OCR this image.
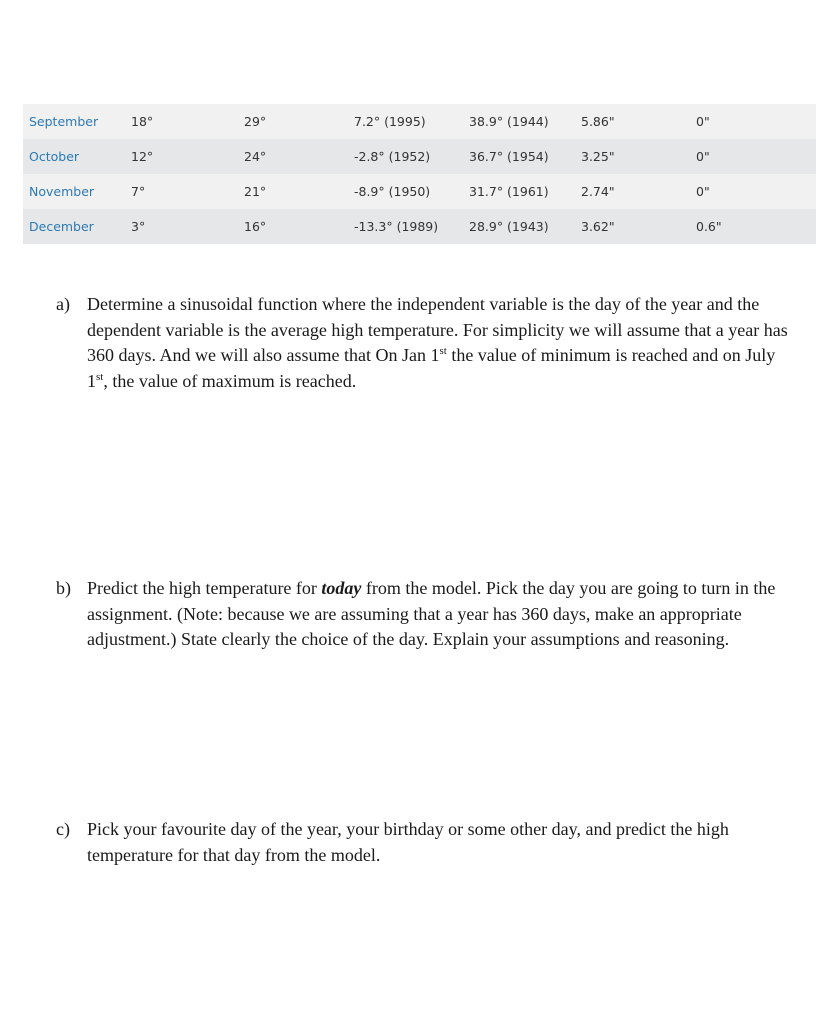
September	18°	29°	7.2° (1995)	38.9° (1944)	5.86"	0"
October	12°	24°	-2.8° (1952)	36.7° (1954)	3.25"	0"
November	7°	21°	-8.9° (1950)	31.7° (1961)	2.74"	0"
December	3°	16°	-13.3° (1989)	28.9° (1943)	3.62"	0.6"
a) Determine a sinusoidal function where the independent variable is the day of the year and the dependent variable is the average high temperature. For simplicity we will assume that a year has 360 days. And we will also assume that On Jan 1st the value of minimum is reached and on July 1st, the value of maximum is reached.
b) Predict the high temperature for today from the model. Pick the day you are going to turn in the assignment. (Note: because we are assuming that a year has 360 days, make an appropriate adjustment.) State clearly the choice of the day. Explain your assumptions and reasoning.
c) Pick your favourite day of the year, your birthday or some other day, and predict the high temperature for that day from the model.
